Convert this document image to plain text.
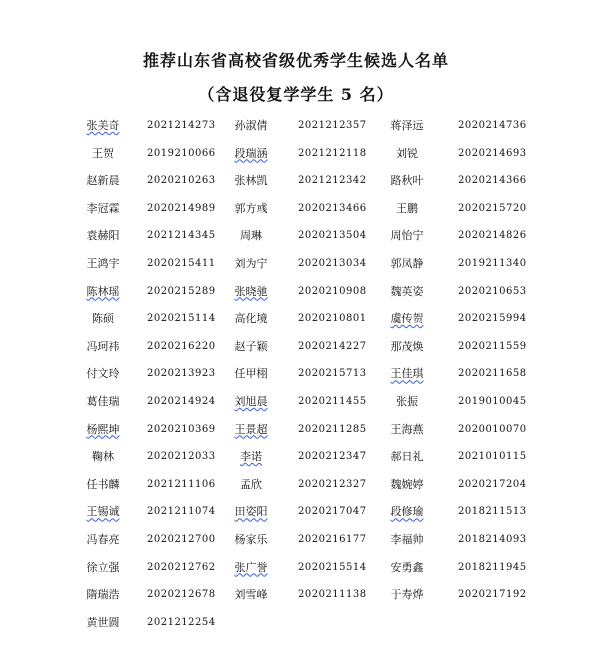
推荐山东省高校省级优秀学生候选人名单
（含退役复学学生 5 名）
张美奇	2021214273	孙淑倩	2021212357	蒋泽远	2020214736
王贺	2019210066	段瑞涵	2021212118	刘锐	2020214693
赵新晨	2020210263	张林凯	2021212342	路秋叶	2020214366
李冠霖	2020214989	郭方彧	2020213466	王鹏	2020215720
袁赫阳	2021214345	周琳	2020213504	周怡宁	2020214826
王鸿宇	2020215411	刘为宁	2020213034	郭凤静	2019211340
陈林瑶	2020215289	张晓驰	2020210908	魏英姿	2020210653
陈硕	2020215114	高化境	2020210801	虞传贺	2020215994
冯珂祎	2020216220	赵子颖	2020214227	那茂焕	2020211559
付文玲	2020213923	任甲栩	2020215713	王佳琪	2020211658
葛佳瑞	2020214924	刘旭晨	2020211455	张振	2019010045
杨熙坤	2020210369	王景超	2020211285	王海燕	2020010070
鞠林	2020212033	李诺	2020212347	郝日礼	2021010115
任书麟	2021211106	孟欣	2020212327	魏婉婷	2020217204
王锡诚	2021211074	田姿阳	2020217047	段修瑜	2018211513
冯春亮	2020212700	杨家乐	2020216177	李福帅	2018214093
徐立强	2020212762	张广誉	2020215514	安勇鑫	2018211945
隋瑞浩	2020212678	刘雪峰	2020211138	于寿烨	2020217192
黄世圆	2021212254
